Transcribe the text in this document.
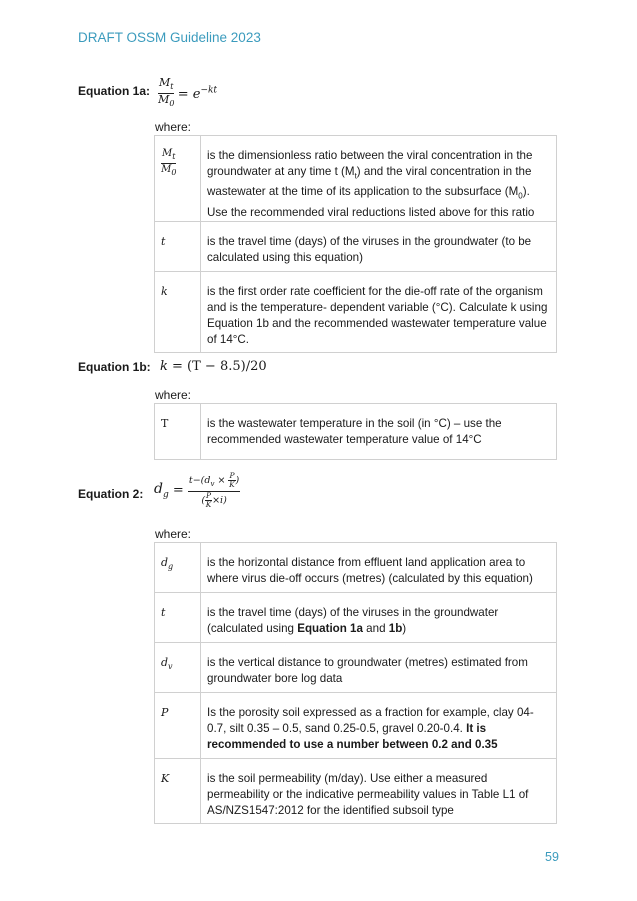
DRAFT OSSM Guideline 2023
Equation 1a: $\frac{M_t}{M_0} = e^{-kt}$
where:
$\frac{M_t}{M_0}$	is the dimensionless ratio between the viral concentration in the groundwater at any time t $(M_t)$ and the viral concentration in the wastewater at the time of its application to the subsurface $(M_0)$. Use the recommended viral reductions listed above for this ratio
t	is the travel time (days) of the viruses in the groundwater (to be calculated using this equation)
k	is the first order rate coefficient for the die-off rate of the organism and is the temperature- dependent variable (°C). Calculate k using Equation 1b and the recommended wastewater temperature value of 14°C.
Equation 1b: k = (T − 8.5)/20
where:
T	is the wastewater temperature in the soil (in °C) – use the recommended wastewater temperature value of 14°C
Equation 2: $d_g = \frac{t-(d_v \times \frac{P}{K} )}{( \frac{P}{K} \times i)}$
where:
$d_g$	is the horizontal distance from effluent land application area to where virus die-off occurs (metres) (calculated by this equation)
t	is the travel time (days) of the viruses in the groundwater (calculated using Equation 1a and 1b)
$d_v$	is the vertical distance to groundwater (metres) estimated from groundwater bore log data
P	Is the porosity soil expressed as a fraction for example, clay 04-0.7, silt 0.35 – 0.5, sand 0.25-0.5, gravel 0.20-0.4. It is recommended to use a number between 0.2 and 0.35
K	is the soil permeability (m/day). Use either a measured permeability or the indicative permeability values in Table L1 of AS/NZS1547:2012 for the identified subsoil type
59
